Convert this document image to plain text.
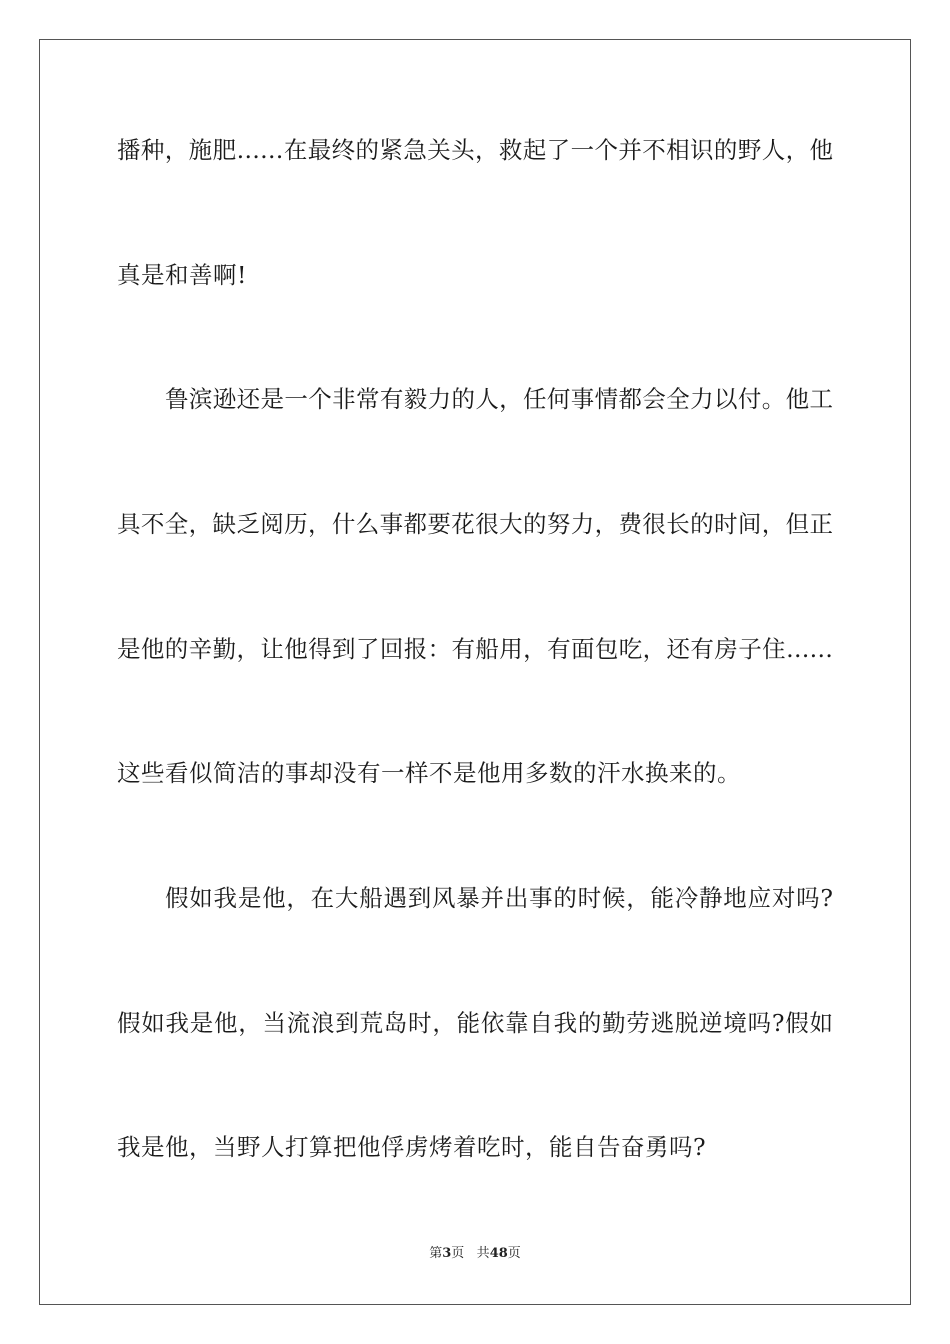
播种，施肥……在最终的紧急关头，救起了一个并不相识的野人，他
真是和善啊!
鲁滨逊还是一个非常有毅力的人，任何事情都会全力以付。他工
具不全，缺乏阅历，什么事都要花很大的努力，费很长的时间，但正
是他的辛勤，让他得到了回报：有船用，有面包吃，还有房子住……
这些看似简洁的事却没有一样不是他用多数的汗水换来的。
假如我是他，在大船遇到风暴并出事的时候，能冷静地应对吗?
假如我是他，当流浪到荒岛时，能依靠自我的勤劳逃脱逆境吗?假如
我是他，当野人打算把他俘虏烤着吃时，能自告奋勇吗?
第3页 共48页
